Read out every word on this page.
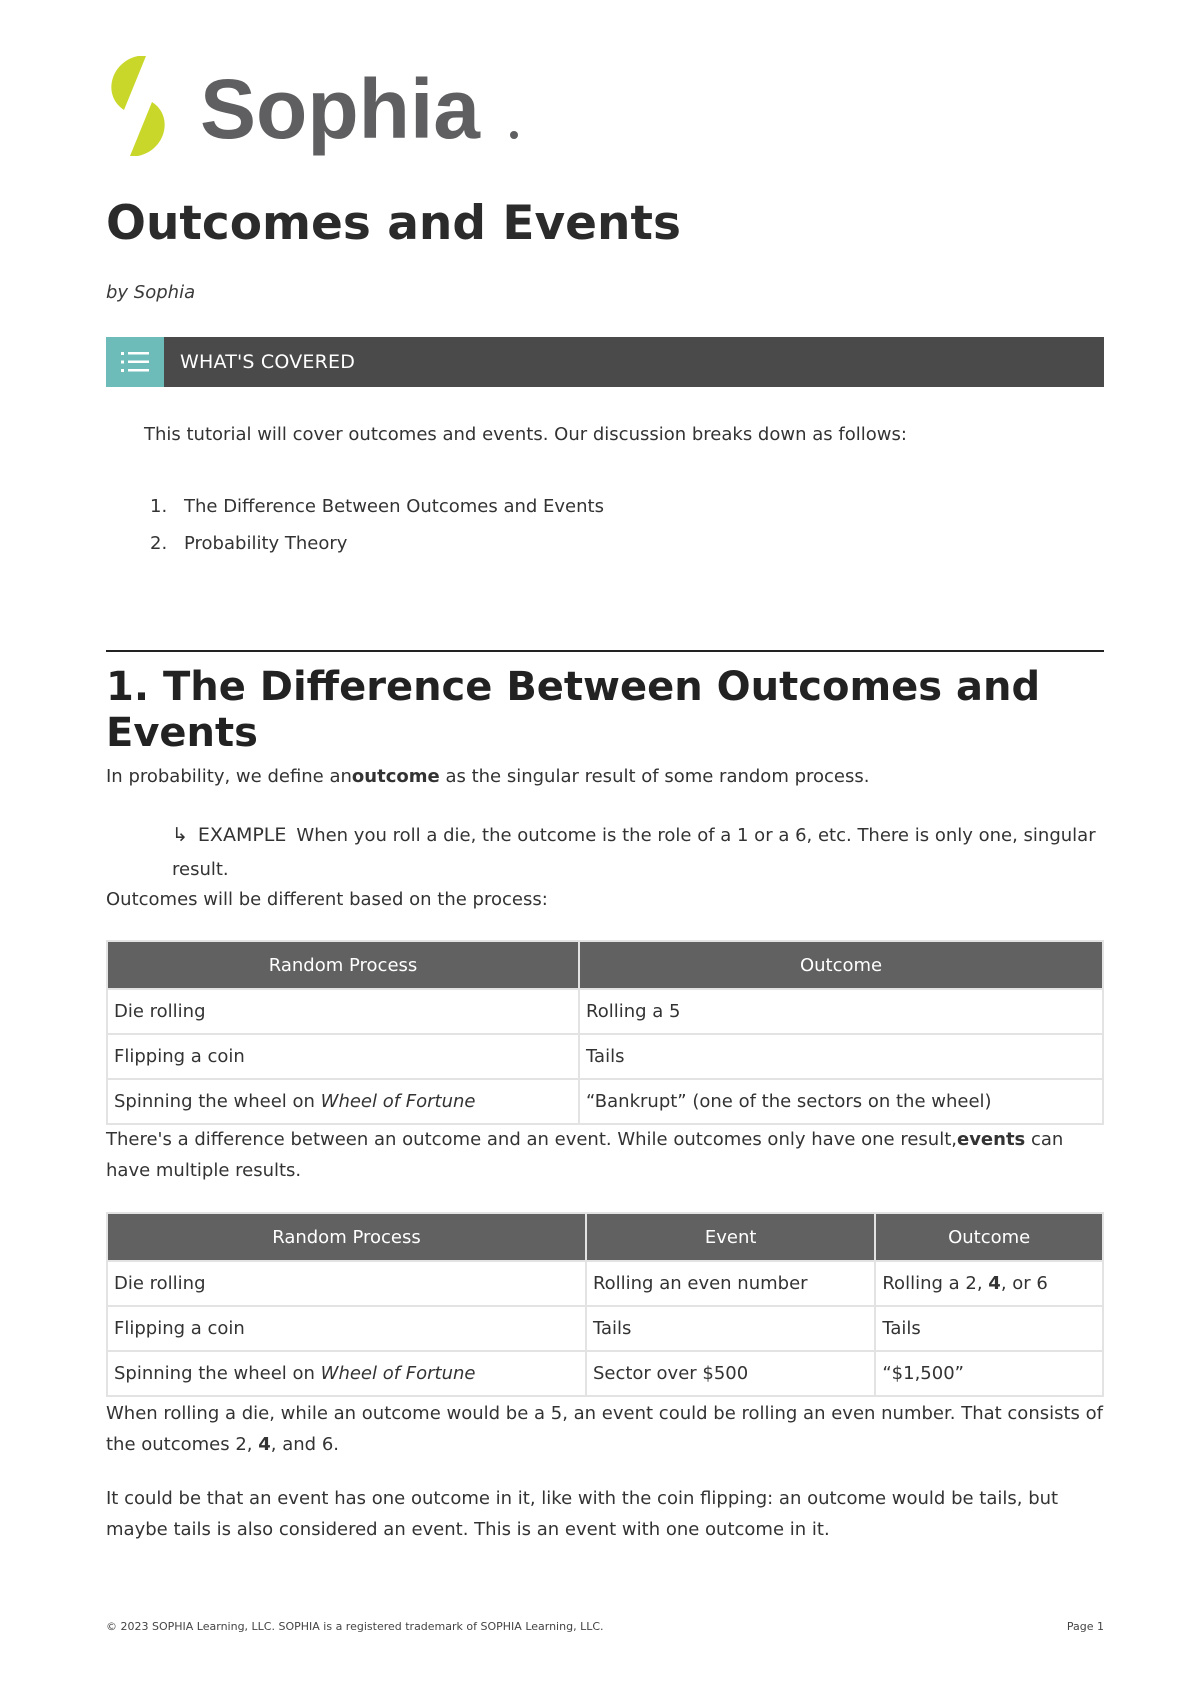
Sophia
Outcomes and Events

by Sophia

WHAT'S COVERED

This tutorial will cover outcomes and events. Our discussion breaks down as follows:

1. The Difference Between Outcomes and Events
2. Probability Theory
1. The Difference Between Outcomes and Events

In probability, we define anoutcome as the singular result of some random process.

↳ EXAMPLE When you roll a die, the outcome is the role of a 1 or a 6, etc. There is only one, singular result.

Outcomes will be different based on the process:

Random Process	Outcome
Die rolling	Rolling a 5
Flipping a coin	Tails
Spinning the wheel on Wheel of Fortune	“Bankrupt” (one of the sectors on the wheel)

There's a difference between an outcome and an event. While outcomes only have one result,events can have multiple results.

Random Process	Event	Outcome
Die rolling	Rolling an even number	Rolling a 2, 4, or 6
Flipping a coin	Tails	Tails
Spinning the wheel on Wheel of Fortune	Sector over $500	“$1,500”

When rolling a die, while an outcome would be a 5, an event could be rolling an even number. That consists of the outcomes 2, 4, and 6.

It could be that an event has one outcome in it, like with the coin flipping: an outcome would be tails, but maybe tails is also considered an event. This is an event with one outcome in it.

© 2023 SOPHIA Learning, LLC. SOPHIA is a registered trademark of SOPHIA Learning, LLC.	Page 1
